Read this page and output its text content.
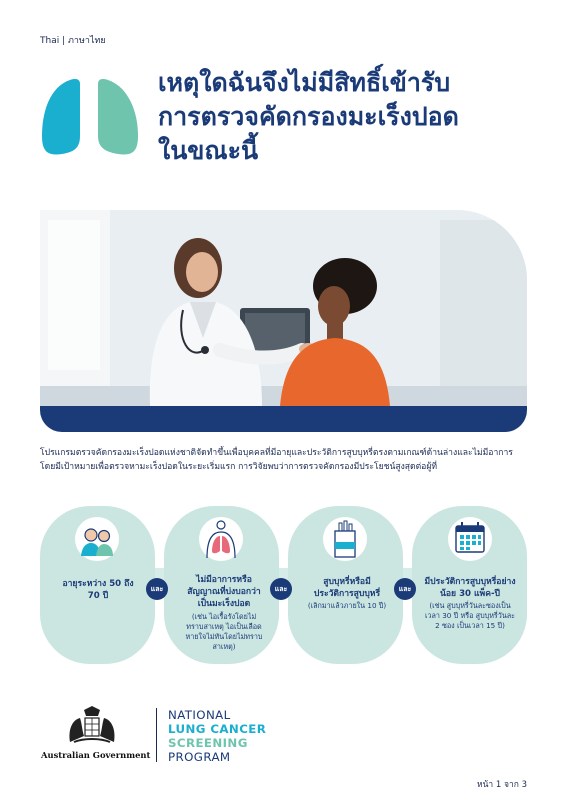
Thai | ภาษาไทย
เหตุใดฉันจึงไม่มีสิทธิ์เข้ารับ
การตรวจคัดกรองมะเร็งปอด
ในขณะนี้

โปรแกรมตรวจคัดกรองมะเร็งปอดแห่งชาติจัดทำขึ้นเพื่อบุคคลที่มีอายุและประวัติการสูบบุหรี่ตรงตามเกณฑ์ด้านล่างและไม่มีอาการ โดยมีเป้าหมายเพื่อตรวจหามะเร็งปอดในระยะเริ่มแรก การวิจัยพบว่าการตรวจคัดกรองมีประโยชน์สูงสุดต่อผู้ที่

อายุระหว่าง 50 ถึง 70 ปี
ไม่มีอาการหรือสัญญาณที่บ่งบอกว่าเป็นมะเร็งปอด
(เช่น ไอเรื้อรังโดยไม่ทราบสาเหตุ ไอเป็นเลือด หายใจไม่ทันโดยไม่ทราบสาเหตุ)
สูบบุหรี่หรือมีประวัติการสูบบุหรี่
(เลิกมาแล้วภายใน 10 ปี)
มีประวัติการสูบบุหรี่อย่างน้อย 30 แพ็ค-ปี
(เช่น สูบบุหรี่วันละซองเป็นเวลา 30 ปี หรือ สูบบุหรี่วันละ 2 ซอง เป็นเวลา 15 ปี)
และ	และ	และ
Australian Government
NATIONAL
LUNG CANCER
SCREENING
PROGRAM
หน้า 1 จาก 3
